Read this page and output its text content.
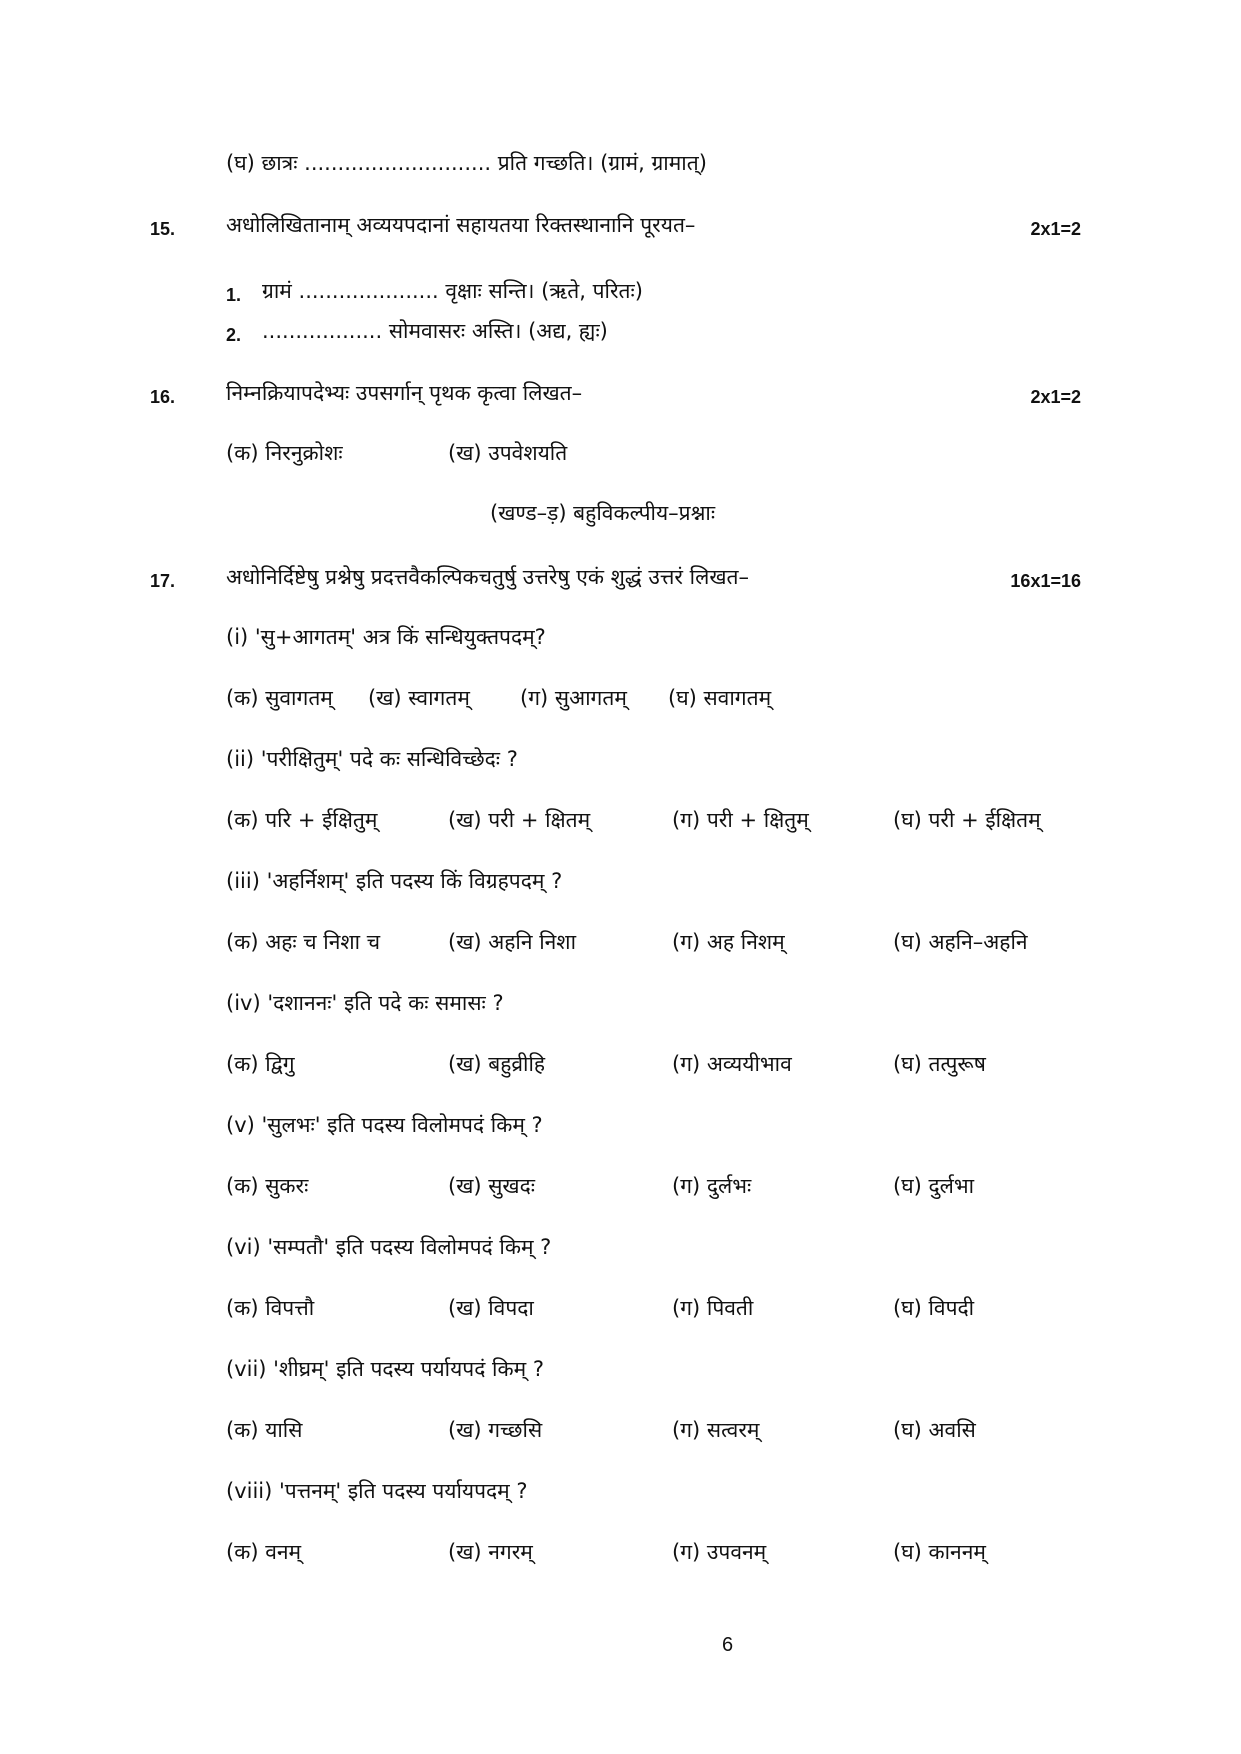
(घ) छात्रः ............................ प्रति गच्छति। (ग्रामं, ग्रामात्)
15. अधोलिखितानाम् अव्ययपदानां सहायतया रिक्तस्थानानि पूरयत–	2x1=2
1. ग्रामं ..................... वृक्षाः सन्ति। (ऋते, परितः)
2. .................. सोमवासरः अस्ति। (अद्य, ह्यः)
16. निम्नक्रियापदेभ्यः उपसर्गान् पृथक कृत्वा लिखत–	2x1=2
(क) निरनुक्रोशः	(ख) उपवेशयति
(खण्ड–ड़) बहुविकल्पीय–प्रश्नाः
17. अधोनिर्दिष्टेषु प्रश्नेषु प्रदत्तवैकल्पिकचतुर्षु उत्तरेषु एकं शुद्धं उत्तरं लिखत–	16x1=16
(i) 'सु+आगतम्' अत्र किं सन्धियुक्तपदम्?
(क) सुवागतम् (ख) स्वागतम् (ग) सुआगतम् (घ) सवागतम्
(ii) 'परीक्षितुम्' पदे कः सन्धिविच्छेदः ?
(क) परि + ईक्षितुम्	(ख) परी + क्षितम्	(ग) परी + क्षितुम्	(घ) परी + ईक्षितम्
(iii) 'अहर्निशम्' इति पदस्य किं विग्रहपदम् ?
(क) अहः च निशा च	(ख) अहनि निशा	(ग) अह निशम्	(घ) अहनि–अहनि
(iv) 'दशाननः' इति पदे कः समासः ?
(क) द्विगु	(ख) बहुव्रीहि	(ग) अव्ययीभाव	(घ) तत्पुरूष
(v) 'सुलभः' इति पदस्य विलोमपदं किम् ?
(क) सुकरः	(ख) सुखदः	(ग) दुर्लभः	(घ) दुर्लभा
(vi) 'सम्पतौ' इति पदस्य विलोमपदं किम् ?
(क) विपत्तौ	(ख) विपदा	(ग) पिवती	(घ) विपदी
(vii) 'शीघ्रम्' इति पदस्य पर्यायपदं किम् ?
(क) यासि	(ख) गच्छसि	(ग) सत्वरम्	(घ) अवसि
(viii) 'पत्तनम्' इति पदस्य पर्यायपदम् ?
(क) वनम्	(ख) नगरम्	(ग) उपवनम्	(घ) काननम्
6
